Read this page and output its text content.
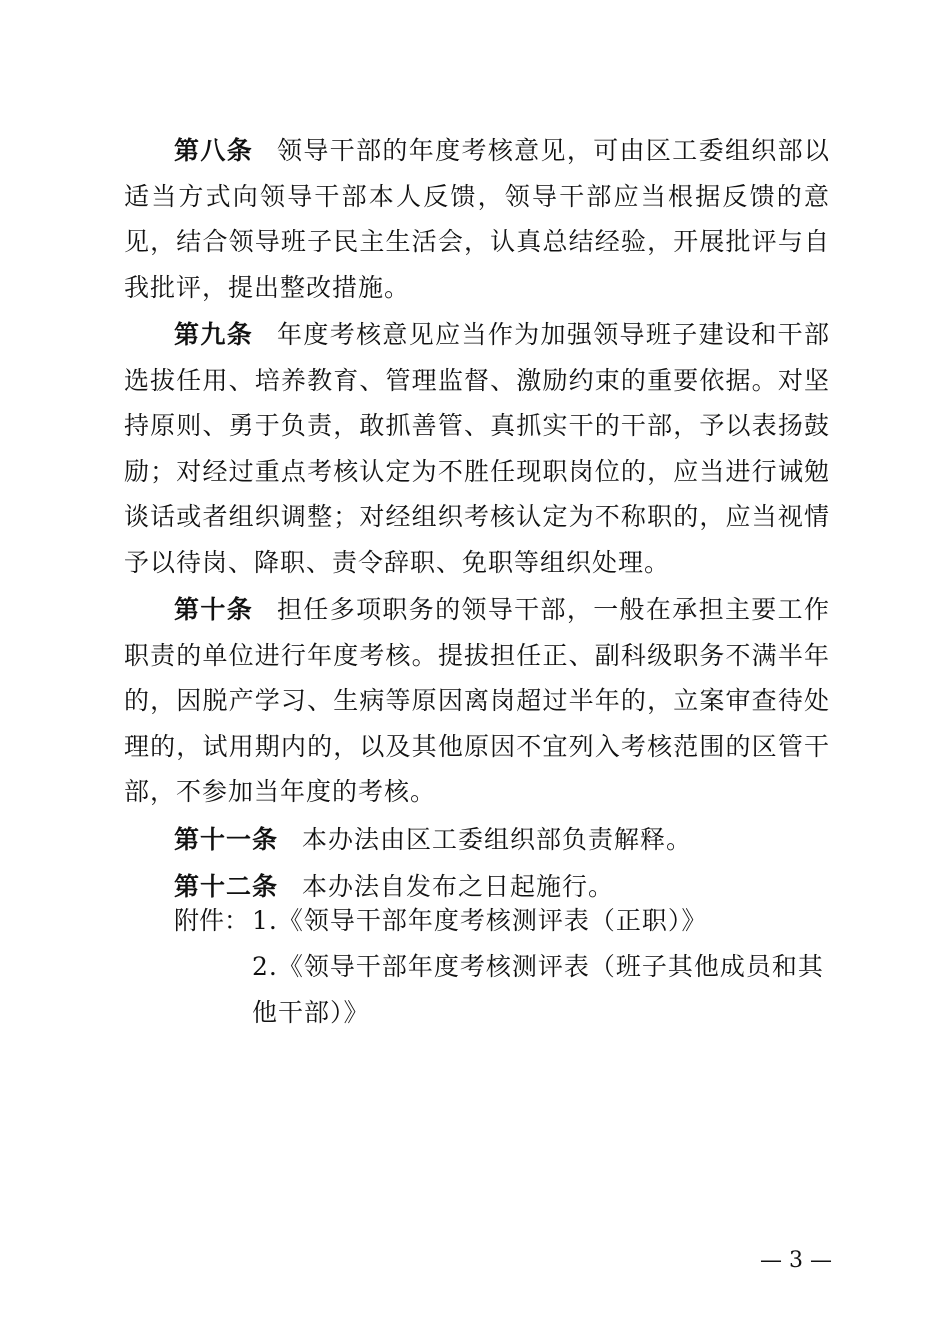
第八条 领导干部的年度考核意见，可由区工委组织部以适当方式向领导干部本人反馈，领导干部应当根据反馈的意见，结合领导班子民主生活会，认真总结经验，开展批评与自我批评，提出整改措施。

第九条 年度考核意见应当作为加强领导班子建设和干部选拔任用、培养教育、管理监督、激励约束的重要依据。对坚持原则、勇于负责，敢抓善管、真抓实干的干部，予以表扬鼓励；对经过重点考核认定为不胜任现职岗位的，应当进行诫勉谈话或者组织调整；对经组织考核认定为不称职的，应当视情予以待岗、降职、责令辞职、免职等组织处理。

第十条 担任多项职务的领导干部，一般在承担主要工作职责的单位进行年度考核。提拔担任正、副科级职务不满半年的，因脱产学习、生病等原因离岗超过半年的，立案审查待处理的，试用期内的，以及其他原因不宜列入考核范围的区管干部，不参加当年度的考核。

第十一条 本办法由区工委组织部负责解释。

第十二条 本办法自发布之日起施行。

附件： 1.《领导干部年度考核测评表（正职）》

2.《领导干部年度考核测评表（班子其他成员和其他干部）》

— 3 —
